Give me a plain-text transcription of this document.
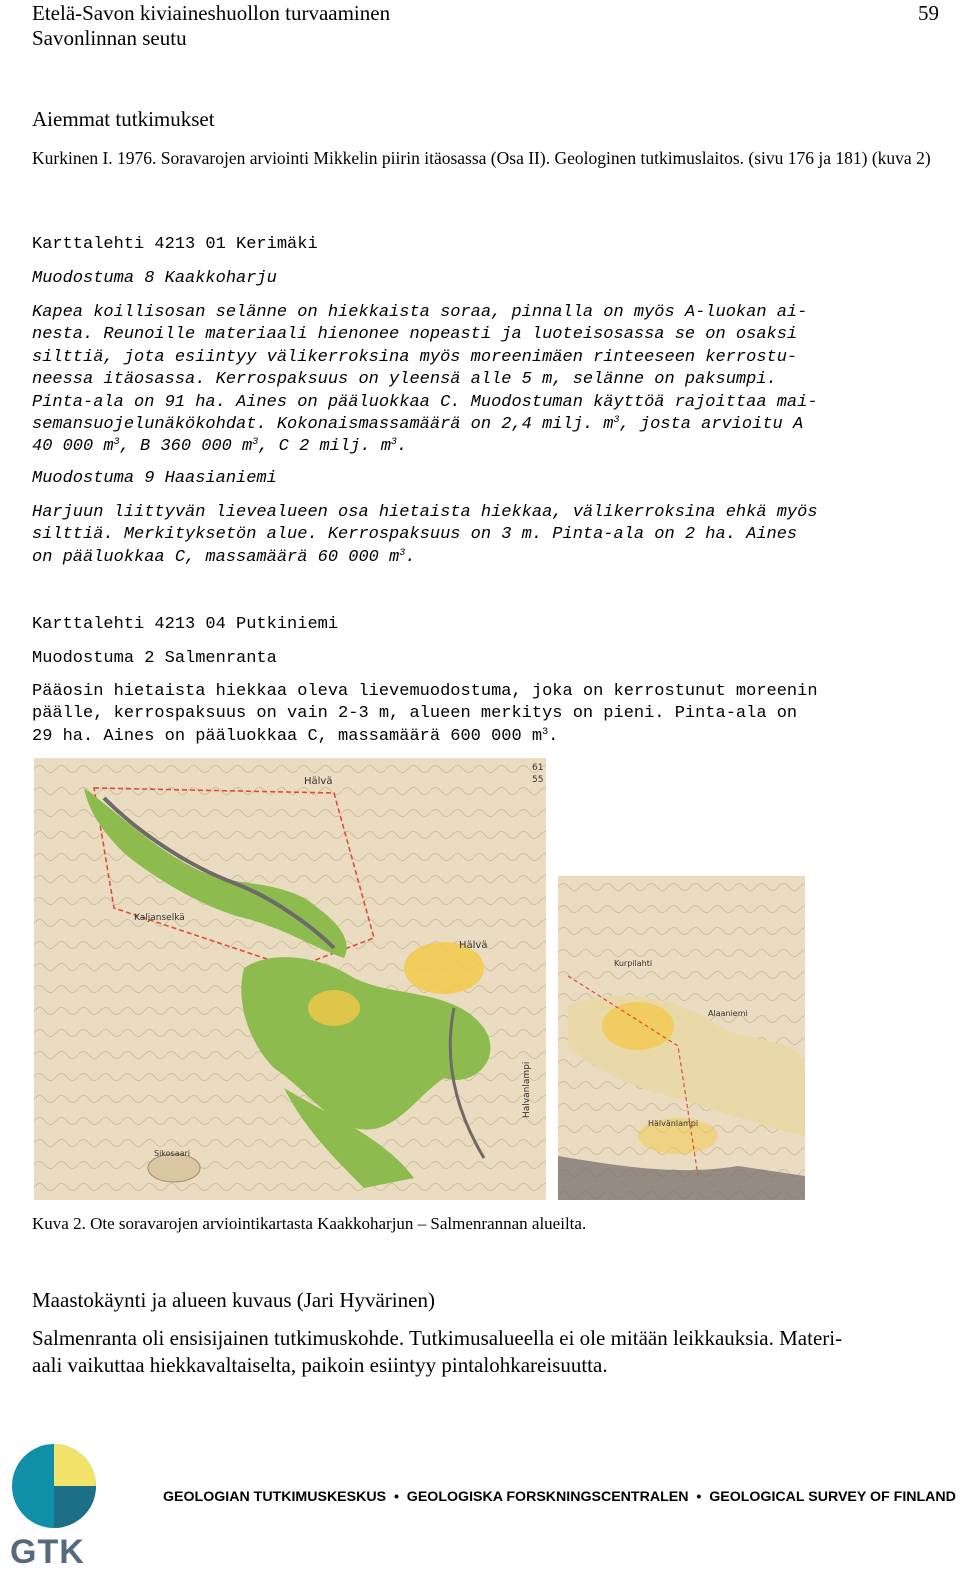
Etelä-Savon kiviaineshuollon turvaaminen
Savonlinnan seutu
59
Aiemmat tutkimukset
Kurkinen I. 1976. Soravarojen arviointi Mikkelin piirin itäosassa (Osa II). Geologinen tutkimuslaitos. (sivu 176 ja 181) (kuva 2)
Karttalehti 4213 01 Kerimäki
Muodostuma 8 Kaakkoharju
Kapea koillisosan selänne on hiekkaista soraa, pinnalla on myös A-luokan ai-
nesta. Reunoille materiaali hienonee nopeasti ja luoteisosassa se on osaksi
silttiä, jota esiintyy välikerroksina myös moreenimäen rinteeseen kerrostu-
neessa itäosassa. Kerrospaksuus on yleensä alle 5 m, selänne on paksumpi.
Pinta-ala on 91 ha. Aines on pääluokkaa C. Muodostuman käyttöä rajoittaa mai-
semansuojelunäkökohdat. Kokonaismassamäärä on 2,4 milj. $m^3$, josta arvioitu A
40 000 $m^3$, B 360 000 $m^3$, C 2 milj. $m^3$.
Muodostuma 9 Haasianiemi
Harjuun liittyvän lievealueen osa hietaista hiekkaa, välikerroksina ehkä myös
silttiä. Merkityksetön alue. Kerrospaksuus on 3 m. Pinta-ala on 2 ha. Aines
on pääluokkaa C, massamäärä 60 000 $m^3$.
Karttalehti 4213 04 Putkiniemi
Muodostuma 2 Salmenranta
Pääosin hietaista hiekkaa oleva lievemuodostuma, joka on kerrostunut moreenin
päälle, kerrospaksuus on vain 2-3 m, alueen merkitys on pieni. Pinta-ala on
29 ha. Aines on pääluokkaa C, massamäärä 600 000 $m^3$.
Hälvä
61
55
Kaljanselkä
Hälvä
Halvanlampi
Sikosaari
Kurpilahti
Alaaniemi
Hälvänlampi
Kuva 2. Ote soravarojen arviointikartasta Kaakkoharjun – Salmenrannan alueilta.
Maastokäynti ja alueen kuvaus (Jari Hyvärinen)
Salmenranta oli ensisijainen tutkimuskohde. Tutkimusalueella ei ole mitään leikkauksia. Materi-
aali vaikuttaa hiekkavaltaiselta, paikoin esiintyy pintalohkareisuutta.
GTK
GEOLOGIAN TUTKIMUSKESKUS  •  GEOLOGISKA FORSKNINGSCENTRALEN  •  GEOLOGICAL SURVEY OF FINLAND
